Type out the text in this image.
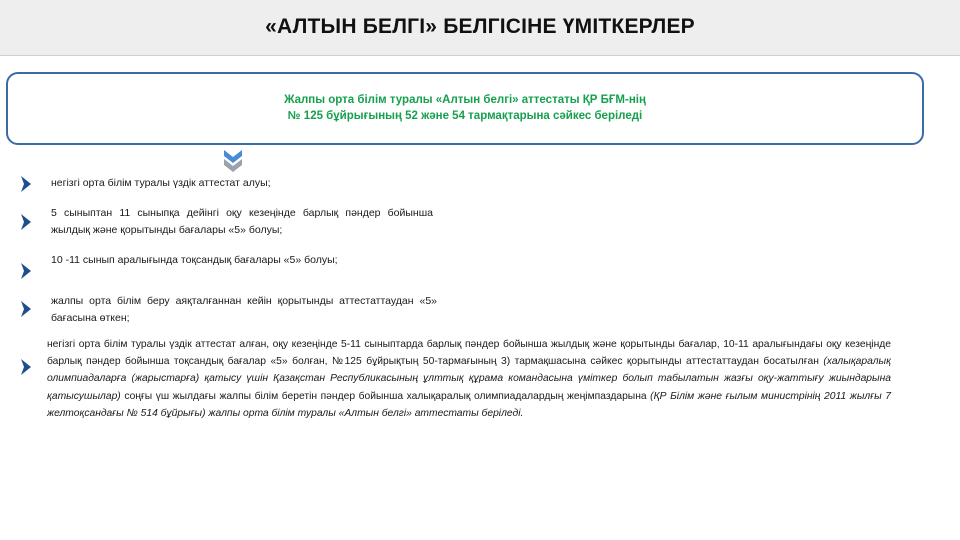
«АЛТЫН БЕЛГІ» БЕЛГІСІНЕ ҮМІТКЕРЛЕР
Жалпы орта білім туралы «Алтын белгі» аттестаты ҚР БҒМ-нің
№ 125 бұйрығының 52 және 54 тармақтарына сәйкес беріледі
негізгі орта білім туралы үздік аттестат алуы;
5 сыныптан 11 сыныпқа дейінгі оқу кезеңінде барлық пәндер бойынша жылдық және қорытынды бағалары «5» болуы;
10 -11 сынып аралығында тоқсандық бағалары «5» болуы;
жалпы орта білім беру аяқталғаннан кейін қорытынды аттестаттаудан «5» бағасына өткен;
негізгі орта білім туралы үздік аттестат алған, оқу кезеңінде 5-11 сыныптарда барлық пәндер бойынша жылдық және қорытынды бағалар, 10-11 аралығындағы оқу кезеңінде барлық пәндер бойынша тоқсандық бағалар «5» болған, №125 бұйрықтың 50-тармағының 3) тармақшасына сәйкес қорытынды аттестаттаудан босатылған (халықаралық олимпиадаларға (жарыстарға) қатысу үшін Қазақстан Республикасының ұлттық құрама командасына үміткер болып табылатын жазғы оқу-жаттығу жиындарына қатысушылар) соңғы үш жылдағы жалпы білім беретін пәндер бойынша халықаралық олимпиадалардың жеңімпаздарына (ҚР Білім және ғылым министрінің 2011 жылғы 7 желтоқсандағы № 514 бұйрығы) жалпы орта білім туралы «Алтын белгі» аттестаты беріледі.
